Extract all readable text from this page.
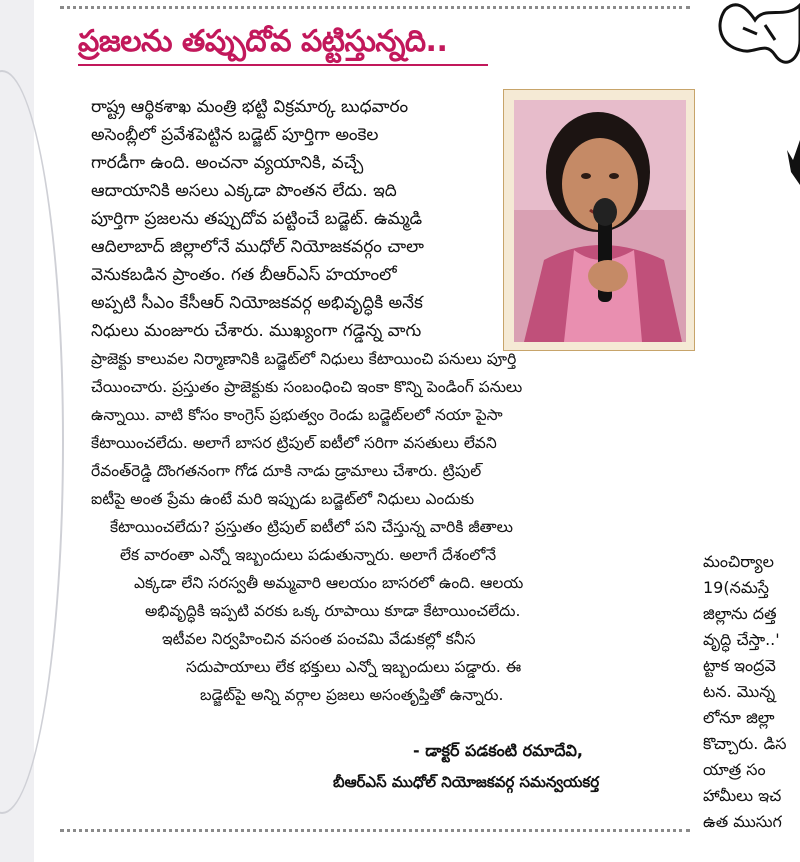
ప్రజలను తప్పుదోవ పట్టిస్తున్నది..
రాష్ట్ర ఆర్థికశాఖ మంత్రి భట్టి విక్రమార్క బుధవారం
అసెంబ్లీలో ప్రవేశపెట్టిన బడ్జెట్ పూర్తిగా అంకెల
గారడీగా ఉంది. అంచనా వ్యయానికి, వచ్చే
ఆదాయానికి అసలు ఎక్కడా పొంతన లేదు. ఇది
పూర్తిగా ప్రజలను తప్పుదోవ పట్టించే బడ్జెట్. ఉమ్మడి
ఆదిలాబాద్ జిల్లాలోనే ముధోల్ నియోజకవర్గం చాలా
వెనుకబడిన ప్రాంతం. గత బీఆర్ఎస్ హయాంలో
అప్పటి సీఎం కేసీఆర్ నియోజకవర్గ అభివృద్ధికి అనేక
నిధులు మంజూరు చేశారు. ముఖ్యంగా గడ్డెన్న వాగు
ప్రాజెక్టు కాలువల నిర్మాణానికి బడ్జెట్‌లో నిధులు కేటాయించి పనులు పూర్తి
చేయించారు. ప్రస్తుతం ప్రాజెక్టుకు సంబంధించి ఇంకా కొన్ని పెండింగ్ పనులు
ఉన్నాయి. వాటి కోసం కాంగ్రెస్ ప్రభుత్వం రెండు బడ్జెట్‌లలో నయా పైసా
కేటాయించలేదు. అలాగే బాసర ట్రిపుల్ ఐటీలో సరిగా వసతులు లేవని
రేవంత్‌రెడ్డి దొంగతనంగా గోడ దూకి నాడు డ్రామాలు చేశారు. ట్రిపుల్
ఐటీపై అంత ప్రేమ ఉంటే మరి ఇప్పుడు బడ్జెట్‌లో నిధులు ఎందుకు
కేటాయించలేదు? ప్రస్తుతం ట్రిపుల్ ఐటీలో పని చేస్తున్న వారికి జీతాలు
లేక వారంతా ఎన్నో ఇబ్బందులు పడుతున్నారు. అలాగే దేశంలోనే
ఎక్కడా లేని సరస్వతీ అమ్మవారి ఆలయం బాసరలో ఉంది. ఆలయ
అభివృద్ధికి ఇప్పటి వరకు ఒక్క రూపాయి కూడా కేటాయించలేదు.
ఇటీవల నిర్వహించిన వసంత పంచమి వేడుకల్లో కనీస
సదుపాయాలు లేక భక్తులు ఎన్నో ఇబ్బందులు పడ్డారు. ఈ
బడ్జెట్‌పై అన్ని వర్గాల ప్రజలు అసంతృప్తితో ఉన్నారు.
- డాక్టర్ పడకంటి రమాదేవి,
బీఆర్ఎస్ ముధోల్ నియోజకవర్గ సమన్వయకర్త
మంచిర్యాల
19(నమస్తే
జిల్లాను దత్త
వృద్ధి చేస్తా..'
ట్టాక ఇంద్రవె
టన. మొన్న
లోనూ జిల్లా
కొచ్చారు. డిస
యాత్ర సం
హామీలు ఇచ
ఉత ముసుగ
